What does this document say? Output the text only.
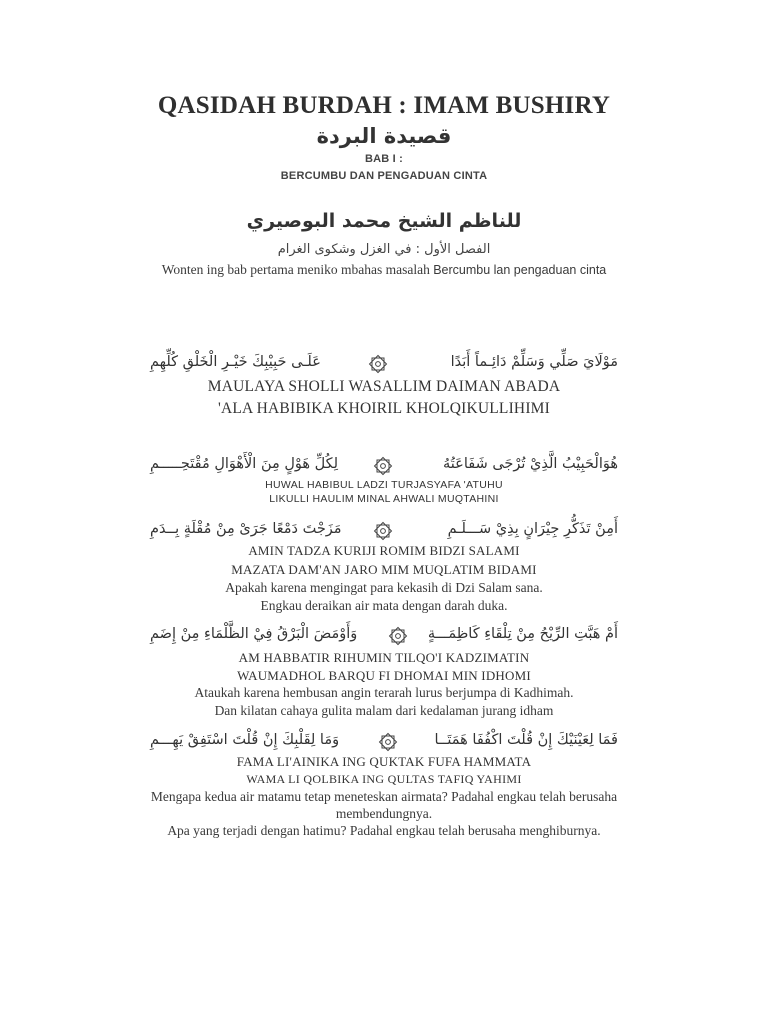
QASIDAH BURDAH : IMAM BUSHIRY
قصيدة البردة
BAB I :
BERCUMBU DAN PENGADUAN CINTA
للناظم الشيخ محمد البوصيري
الفصل الأول : في الغزل وشكوى الغرام
Wonten ing bab pertama meniko mbahas masalah Bercumbu lan pengaduan cinta
مَوْلَايَ صَلِّي وَسَلِّمْ دَائِـماً أَبَدًا
عَلَـى حَبِيْبِكَ خَيْـرِ الْخَلْقِ كُلِّهِمِ
MAULAYA SHOLLI WASALLIM DAIMAN ABADA
'ALA HABIBIKA KHOIRIL KHOLQIKULLIHIMI
هُوَالْحَبِيْبُ الَّذِيْ تُرْجَى شَفَاعَتُهُ
لِكُلِّ هَوْلٍ مِنَ الْأَهْوَالِ مُقْتَحِـــــمِ
HUWAL HABIBUL LADZI TURJASYAFA 'ATUHU
LIKULLI HAULIM MINAL AHWALI MUQTAHINI
أَمِنْ تَذَكُّرِ جِيْرَانٍ بِذِيْ سَـــلَـمِ
مَزَجْتَ دَمْعًا جَرَىْ مِنْ مُقْلَةٍ بِــدَمِ
AMIN TADZA KURIJI ROMIM BIDZI SALAMI
MAZATA DAM'AN JARO MIM MUQLATIM BIDAMI
Apakah karena mengingat para kekasih di Dzi Salam sana.
Engkau deraikan air mata dengan darah duka.
أَمْ هَبَّتِ الرِّيْحُ مِنْ تِلْقَاءِ كَاظِمَـــةٍ
وَأَوْمَضَ الْبَرْقُ فِيْ الظَّلْمَاءِ مِنْ إِضَمِ
AM HABBATIR RIHUMIN TILQO'I KADZIMATIN
WAUMADHOL BARQU FI DHOMAI MIN IDHOMI
Ataukah karena hembusan angin terarah lurus berjumpa di Kadhimah.
Dan kilatan cahaya gulita malam dari kedalaman jurang idham
فَمَا لِعَيْنَيْكَ إِنْ قُلْتَ اكْفُفَا هَمَتَــا
وَمَا لِقَلْبِكَ إِنْ قُلْتَ اسْتَفِقْ يَهِـــمِ
FAMA LI'AINIKA ING QUKTAK FUFA HAMMATA
WAMA LI QOLBIKA ING QULTAS TAFIQ YAHIMI
Mengapa kedua air matamu tetap meneteskan airmata? Padahal engkau telah berusaha
membendungnya.
Apa yang terjadi dengan hatimu? Padahal engkau telah berusaha menghiburnya.
